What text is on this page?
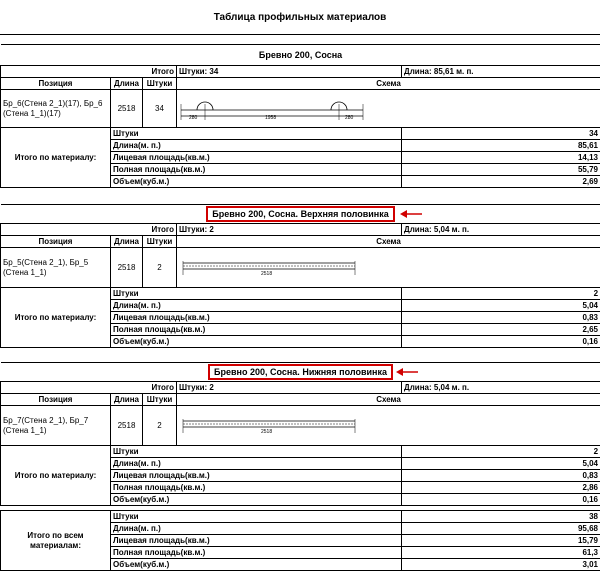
Таблица профильных материалов

Бревно 200, Сосна				
Итого			Штуки: 34	Длина: 85,61 м. п.
Позиция	Длина	Штуки	Схема	
Бр_6(Стена 2_1)(17), Бр_6 (Стена 1_1)(17)	2518	34	280 1958 280	

Итого по материалу:	Штуки			34
	Длина(м. п.)			85,61
	Лицевая площадь(кв.м.)			14,13
	Полная площадь(кв.м.)			55,79
	Объем(куб.м.)			2,69

Бревно 200, Сосна. Верхняя половинка				
Итого			Штуки: 2	Длина: 5,04 м. п.
Позиция	Длина	Штуки	Схема	
Бр_5(Стена 2_1), Бр_5 (Стена 1_1)	2518	2	2518	

Итого по материалу:	Штуки			2
	Длина(м. п.)			5,04
	Лицевая площадь(кв.м.)			0,83
	Полная площадь(кв.м.)			2,65
	Объем(куб.м.)			0,16

Бревно 200, Сосна. Нижняя половинка				
Итого			Штуки: 2	Длина: 5,04 м. п.
Позиция	Длина	Штуки	Схема	
Бр_7(Стена 2_1), Бр_7 (Стена 1_1)	2518	2	2518	

Итого по материалу:	Штуки			2
	Длина(м. п.)			5,04
	Лицевая площадь(кв.м.)			0,83
	Полная площадь(кв.м.)			2,86
	Объем(куб.м.)			0,16
Итого по всем материалам:	Штуки	38
	Длина(м. п.)	95,68
	Лицевая площадь(кв.м.)	15,79
	Полная площадь(кв.м.)	61,3
	Объем(куб.м.)	3,01
